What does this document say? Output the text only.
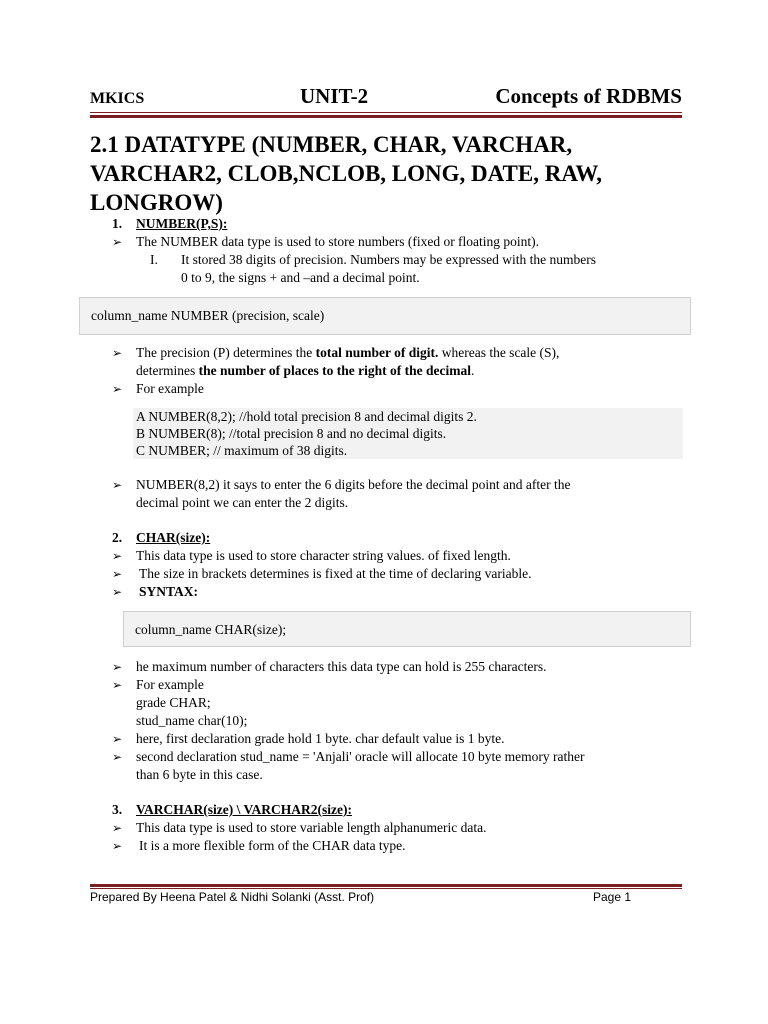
MKICS	UNIT-2	Concepts of RDBMS
2.1 DATATYPE (NUMBER, CHAR, VARCHAR, VARCHAR2, CLOB,NCLOB, LONG, DATE, RAW, LONGROW)
1. NUMBER(P,S):
➢ The NUMBER data type is used to store numbers (fixed or floating point).
I. It stored 38 digits of precision. Numbers may be expressed with the numbers
0 to 9, the signs + and –and a decimal point.
column_name NUMBER (precision, scale)
➢ The precision (P) determines the total number of digit. whereas the scale (S),
determines the number of places to the right of the decimal.
➢ For example
A NUMBER(8,2); //hold total precision 8 and decimal digits 2.
B NUMBER(8); //total precision 8 and no decimal digits.
C NUMBER; // maximum of 38 digits.
➢ NUMBER(8,2) it says to enter the 6 digits before the decimal point and after the
decimal point we can enter the 2 digits.
2. CHAR(size):
➢ This data type is used to store character string values. of fixed length.
➢ The size in brackets determines is fixed at the time of declaring variable.
➢ SYNTAX:
column_name CHAR(size);
➢ he maximum number of characters this data type can hold is 255 characters.
➢ For example
grade CHAR;
stud_name char(10);
➢ here, first declaration grade hold 1 byte. char default value is 1 byte.
➢ second declaration stud_name = 'Anjali' oracle will allocate 10 byte memory rather
than 6 byte in this case.
3. VARCHAR(size) \ VARCHAR2(size):
➢ This data type is used to store variable length alphanumeric data.
➢ It is a more flexible form of the CHAR data type.
Prepared By Heena Patel & Nidhi Solanki (Asst. Prof)	Page 1
